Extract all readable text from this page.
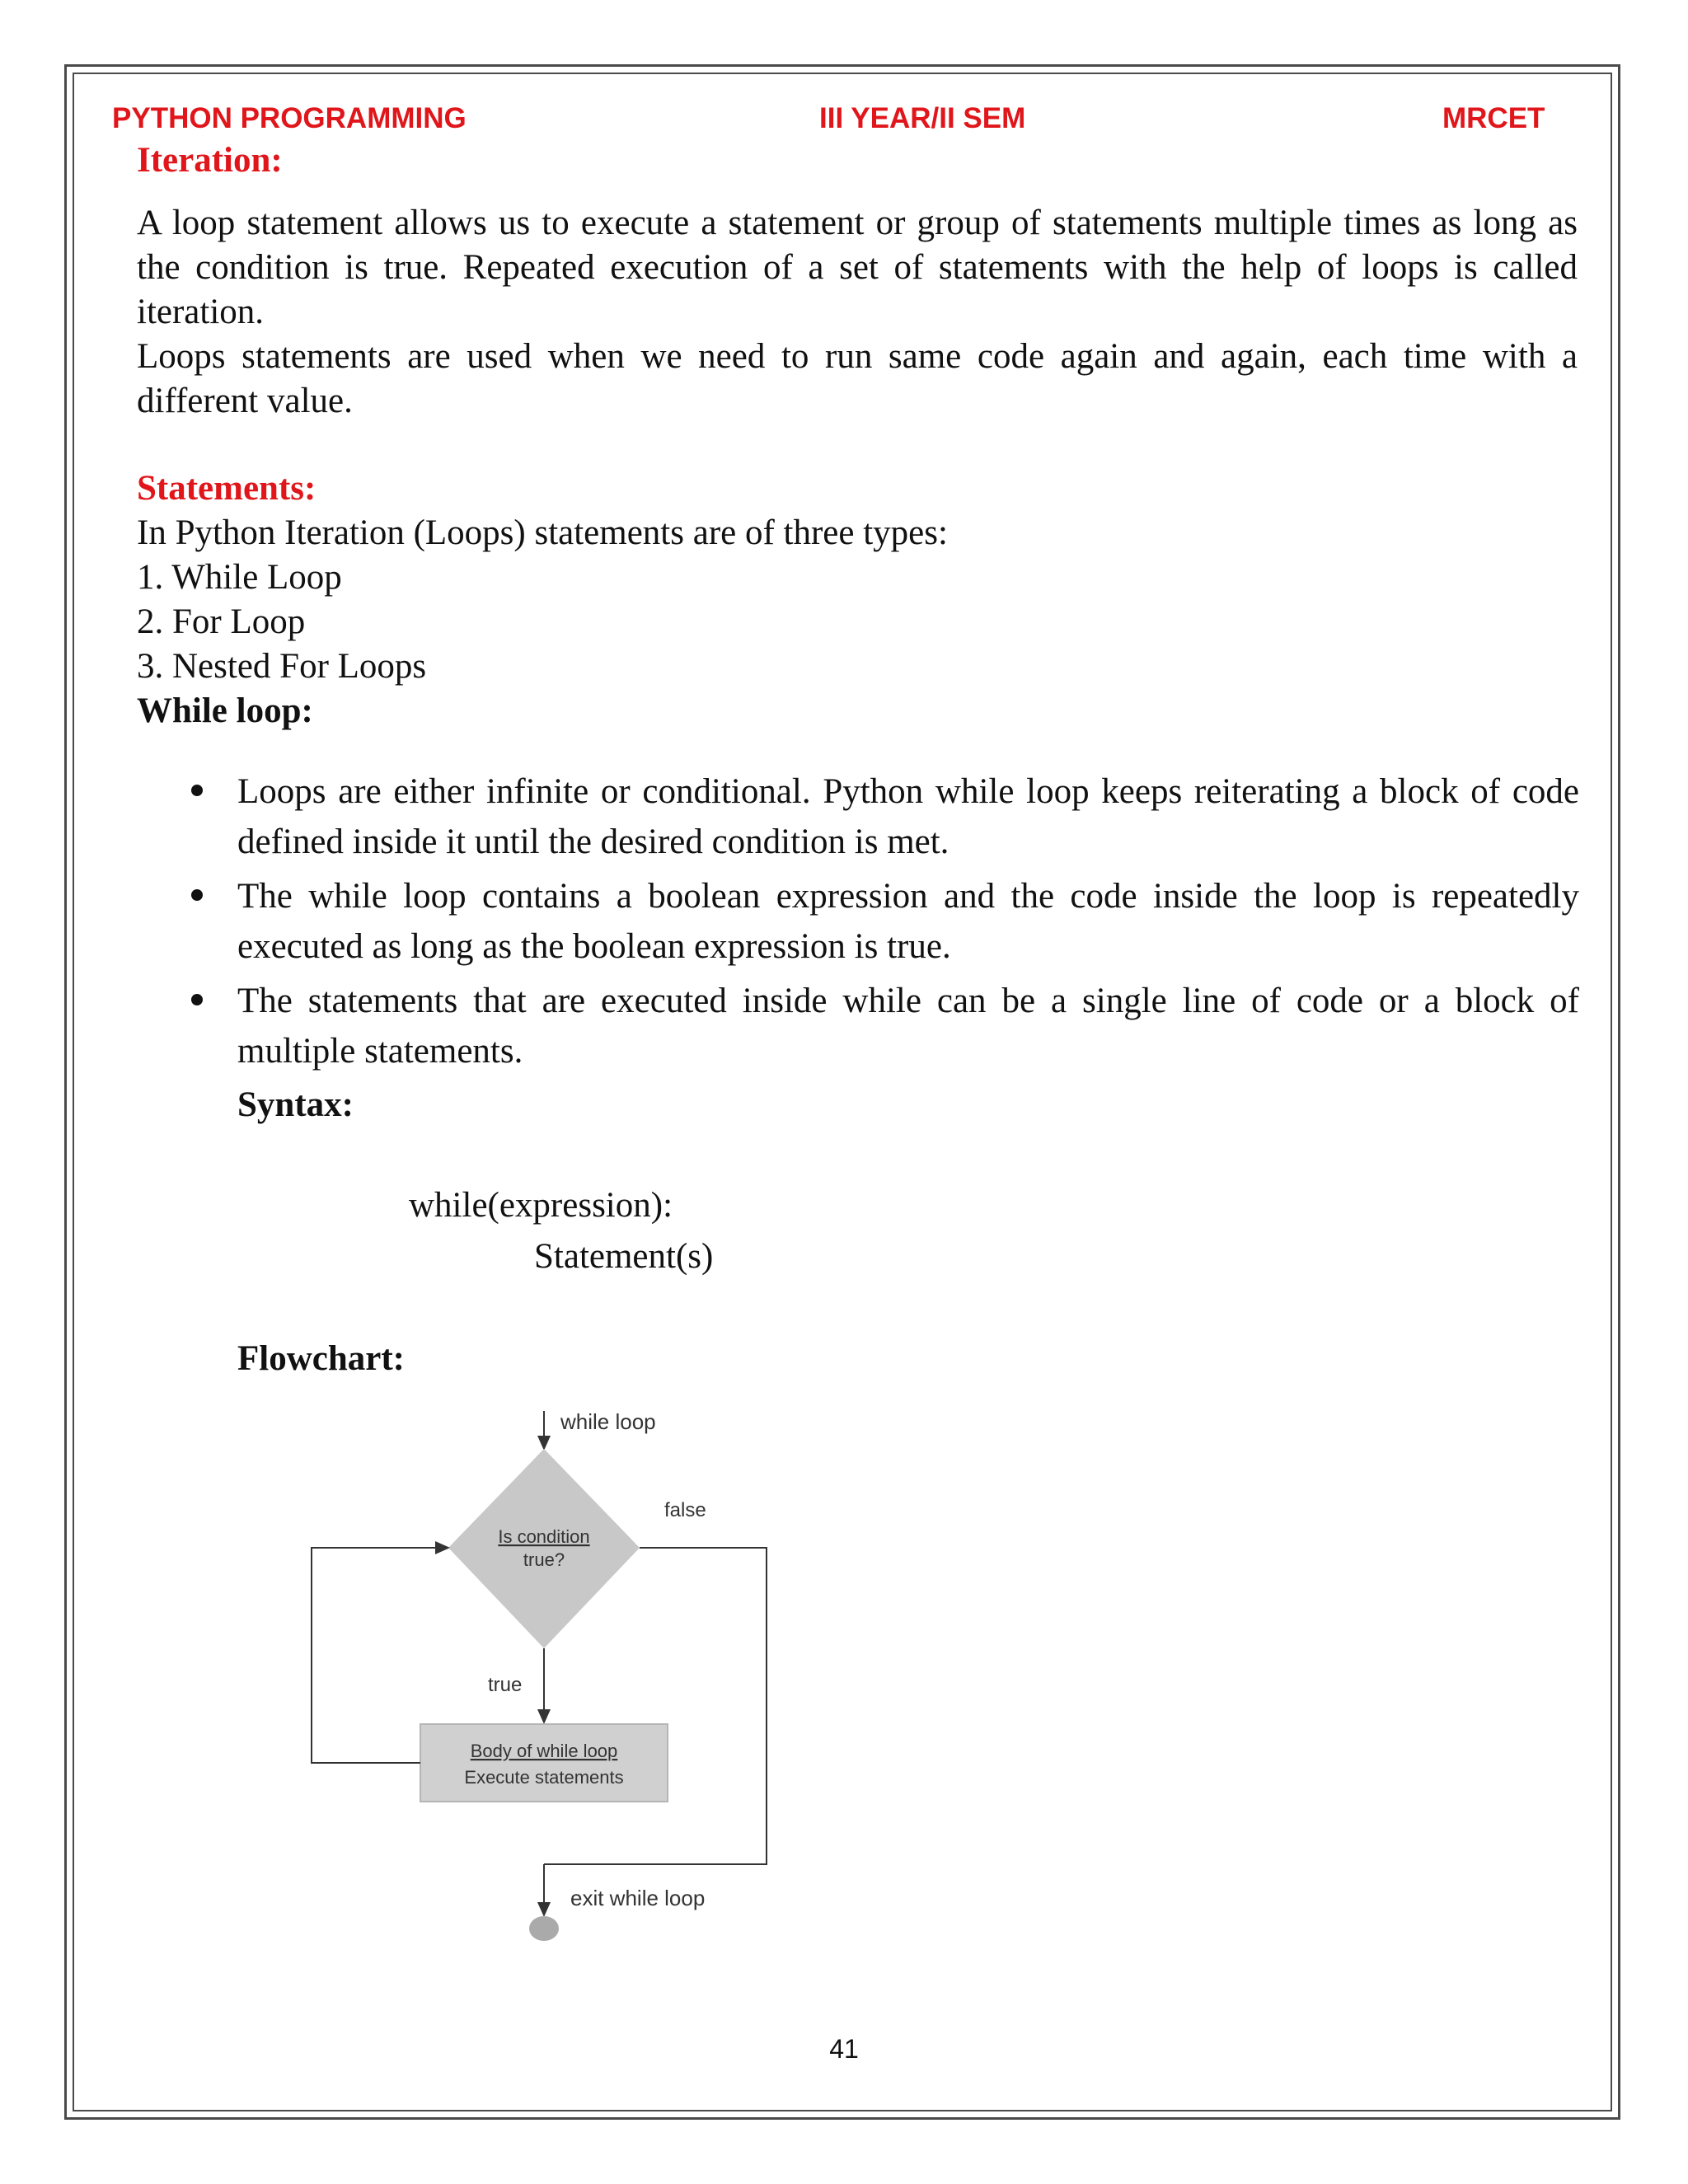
PYTHON PROGRAMMING	III YEAR/II SEM	MRCET
Iteration:

A loop statement allows us to execute a statement or group of statements multiple times as long as the condition is true. Repeated execution of a set of statements with the help of loops is called iteration.

Loops statements are used when we need to run same code again and again, each time with a different value.

Statements:

In Python Iteration (Loops) statements are of three types:

1. While Loop

2. For Loop

3. Nested For Loops

While loop:

Loops are either infinite or conditional. Python while loop keeps reiterating a block of code defined inside it until the desired condition is met.
The while loop contains a boolean expression and the code inside the loop is repeatedly executed as long as the boolean expression is true.
The statements that are executed inside while can be a single line of code or a block of multiple statements.

Syntax:

while(expression):

Statement(s)

Flowchart:

while loop
Is condition
true?
false
true
Body of while loop
Execute statements
exit while loop
41
